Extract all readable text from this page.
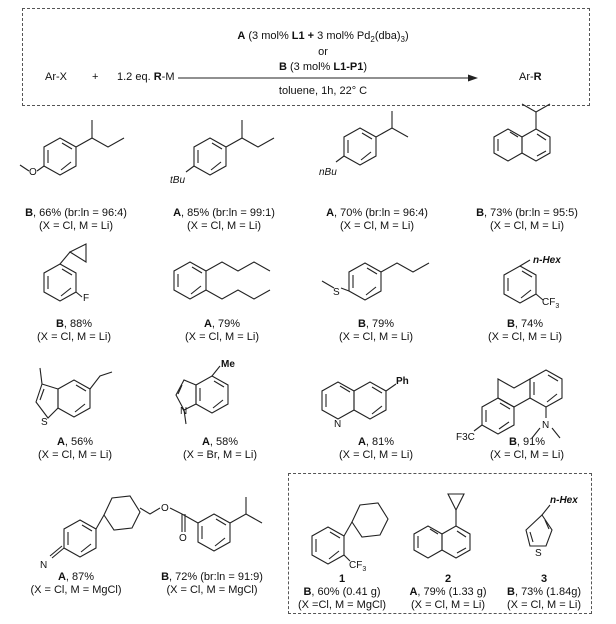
A (3 mol% L1 + 3 mol% $Pd_2(dba)_3$)
or
B (3 mol% L1-P1)
Ar-X + 1.2 eq. R-M
toluene, 1h, 22° C
Ar-R
O
tBu
nBu
F
S
n-Hex
$CF_3$
S
Me
N
Ph
N	N
F3C
N
O
O
$CF_3$
n-Hex
S
B, 66% (br:ln = 96:4)
(X = Cl, M = Li)
A, 85% (br:ln = 99:1)
(X = Cl, M = Li)
A, 70% (br:ln = 96:4)
(X = Cl, M = Li)
B, 73% (br:ln = 95:5)
(X = Cl, M = Li)
B, 88%
(X = Cl, M = Li)
A, 79%
(X = Cl, M = Li)
B, 79%
(X = Cl, M = Li)
B, 74%
(X = Cl, M = Li)
A, 56%
(X = Cl, M = Li)
A, 58%
(X = Br, M = Li)
A, 81%
(X = Cl, M = Li)
B, 91%
(X = Cl, M = Li)
A, 87%
(X = Cl, M = MgCl)
B, 72% (br:ln = 91:9)
(X = Cl, M = MgCl)
1
B, 60% (0.41 g)
(X =Cl, M = MgCl)
2
A, 79% (1.33 g)
(X = Cl, M = Li)
3
B, 73% (1.84g)
(X = Cl, M = Li)
